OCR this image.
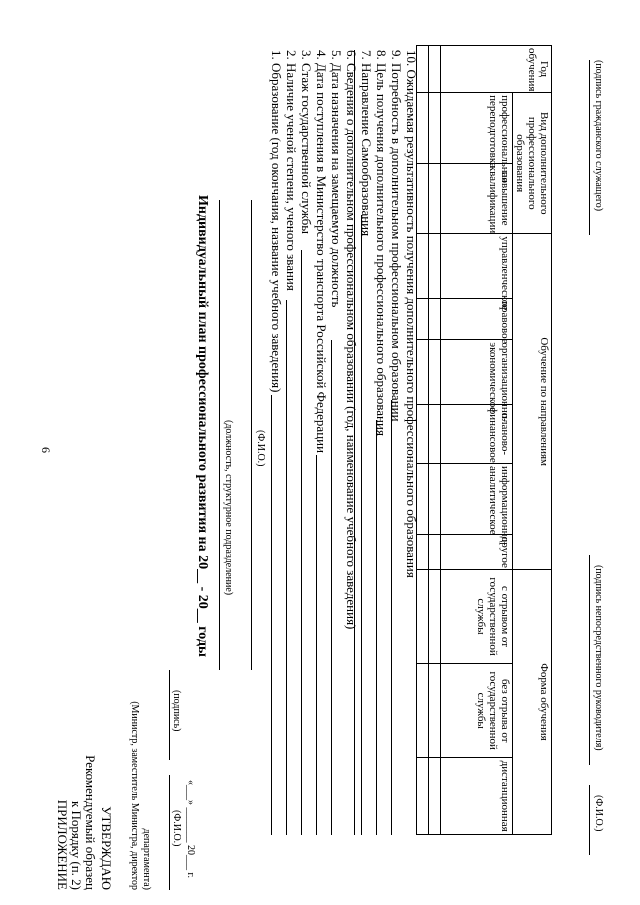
6
ПРИЛОЖЕНИЕ к Порядку (п. 2) Рекомендуемый образец УТВЕРЖДАЮ (Министр, заместитель Министра, директор департамента)
(подпись)
(Ф.И.О.) «___» _______ 20___ г.
Индивидуальный план профессионального развития на 20__ - 20__ годы (должность, структурное подразделение) (Ф.И.О.)
1. Образование (год окончания, название учебного заведения) 2. Наличие ученой степени, ученого звания 3. Стаж государственной службы 4. Дата поступления в Министерство транспорта Российской Федерации 5. Дата назначения на замещаемую должность 6. Сведения о дополнительном профессиональном образовании (год, наименование учебного заведения) 7. Направление Самообразования 8. Цель получения дополнительного профессионального образования 9. Потребность в дополнительном профессиональном образовании 10. Ожидаемая результативность получения дополнительного профессионального образования	Год обучения	Вид дополнительного профессионального образования		Обучение по направлениям						Форма обучения		
	профессиональная переподготовка	повышение квалификации	управленческое	правовое	организационно-экономическое	планово-финансовое	информационно-аналитическое	другое	с отрывом от государственной службы	без отрыва от государственной службы	дистанционная

(подпись гражданского служащего)
(подпись непосредственного руководителя)
(Ф.И.О.)
